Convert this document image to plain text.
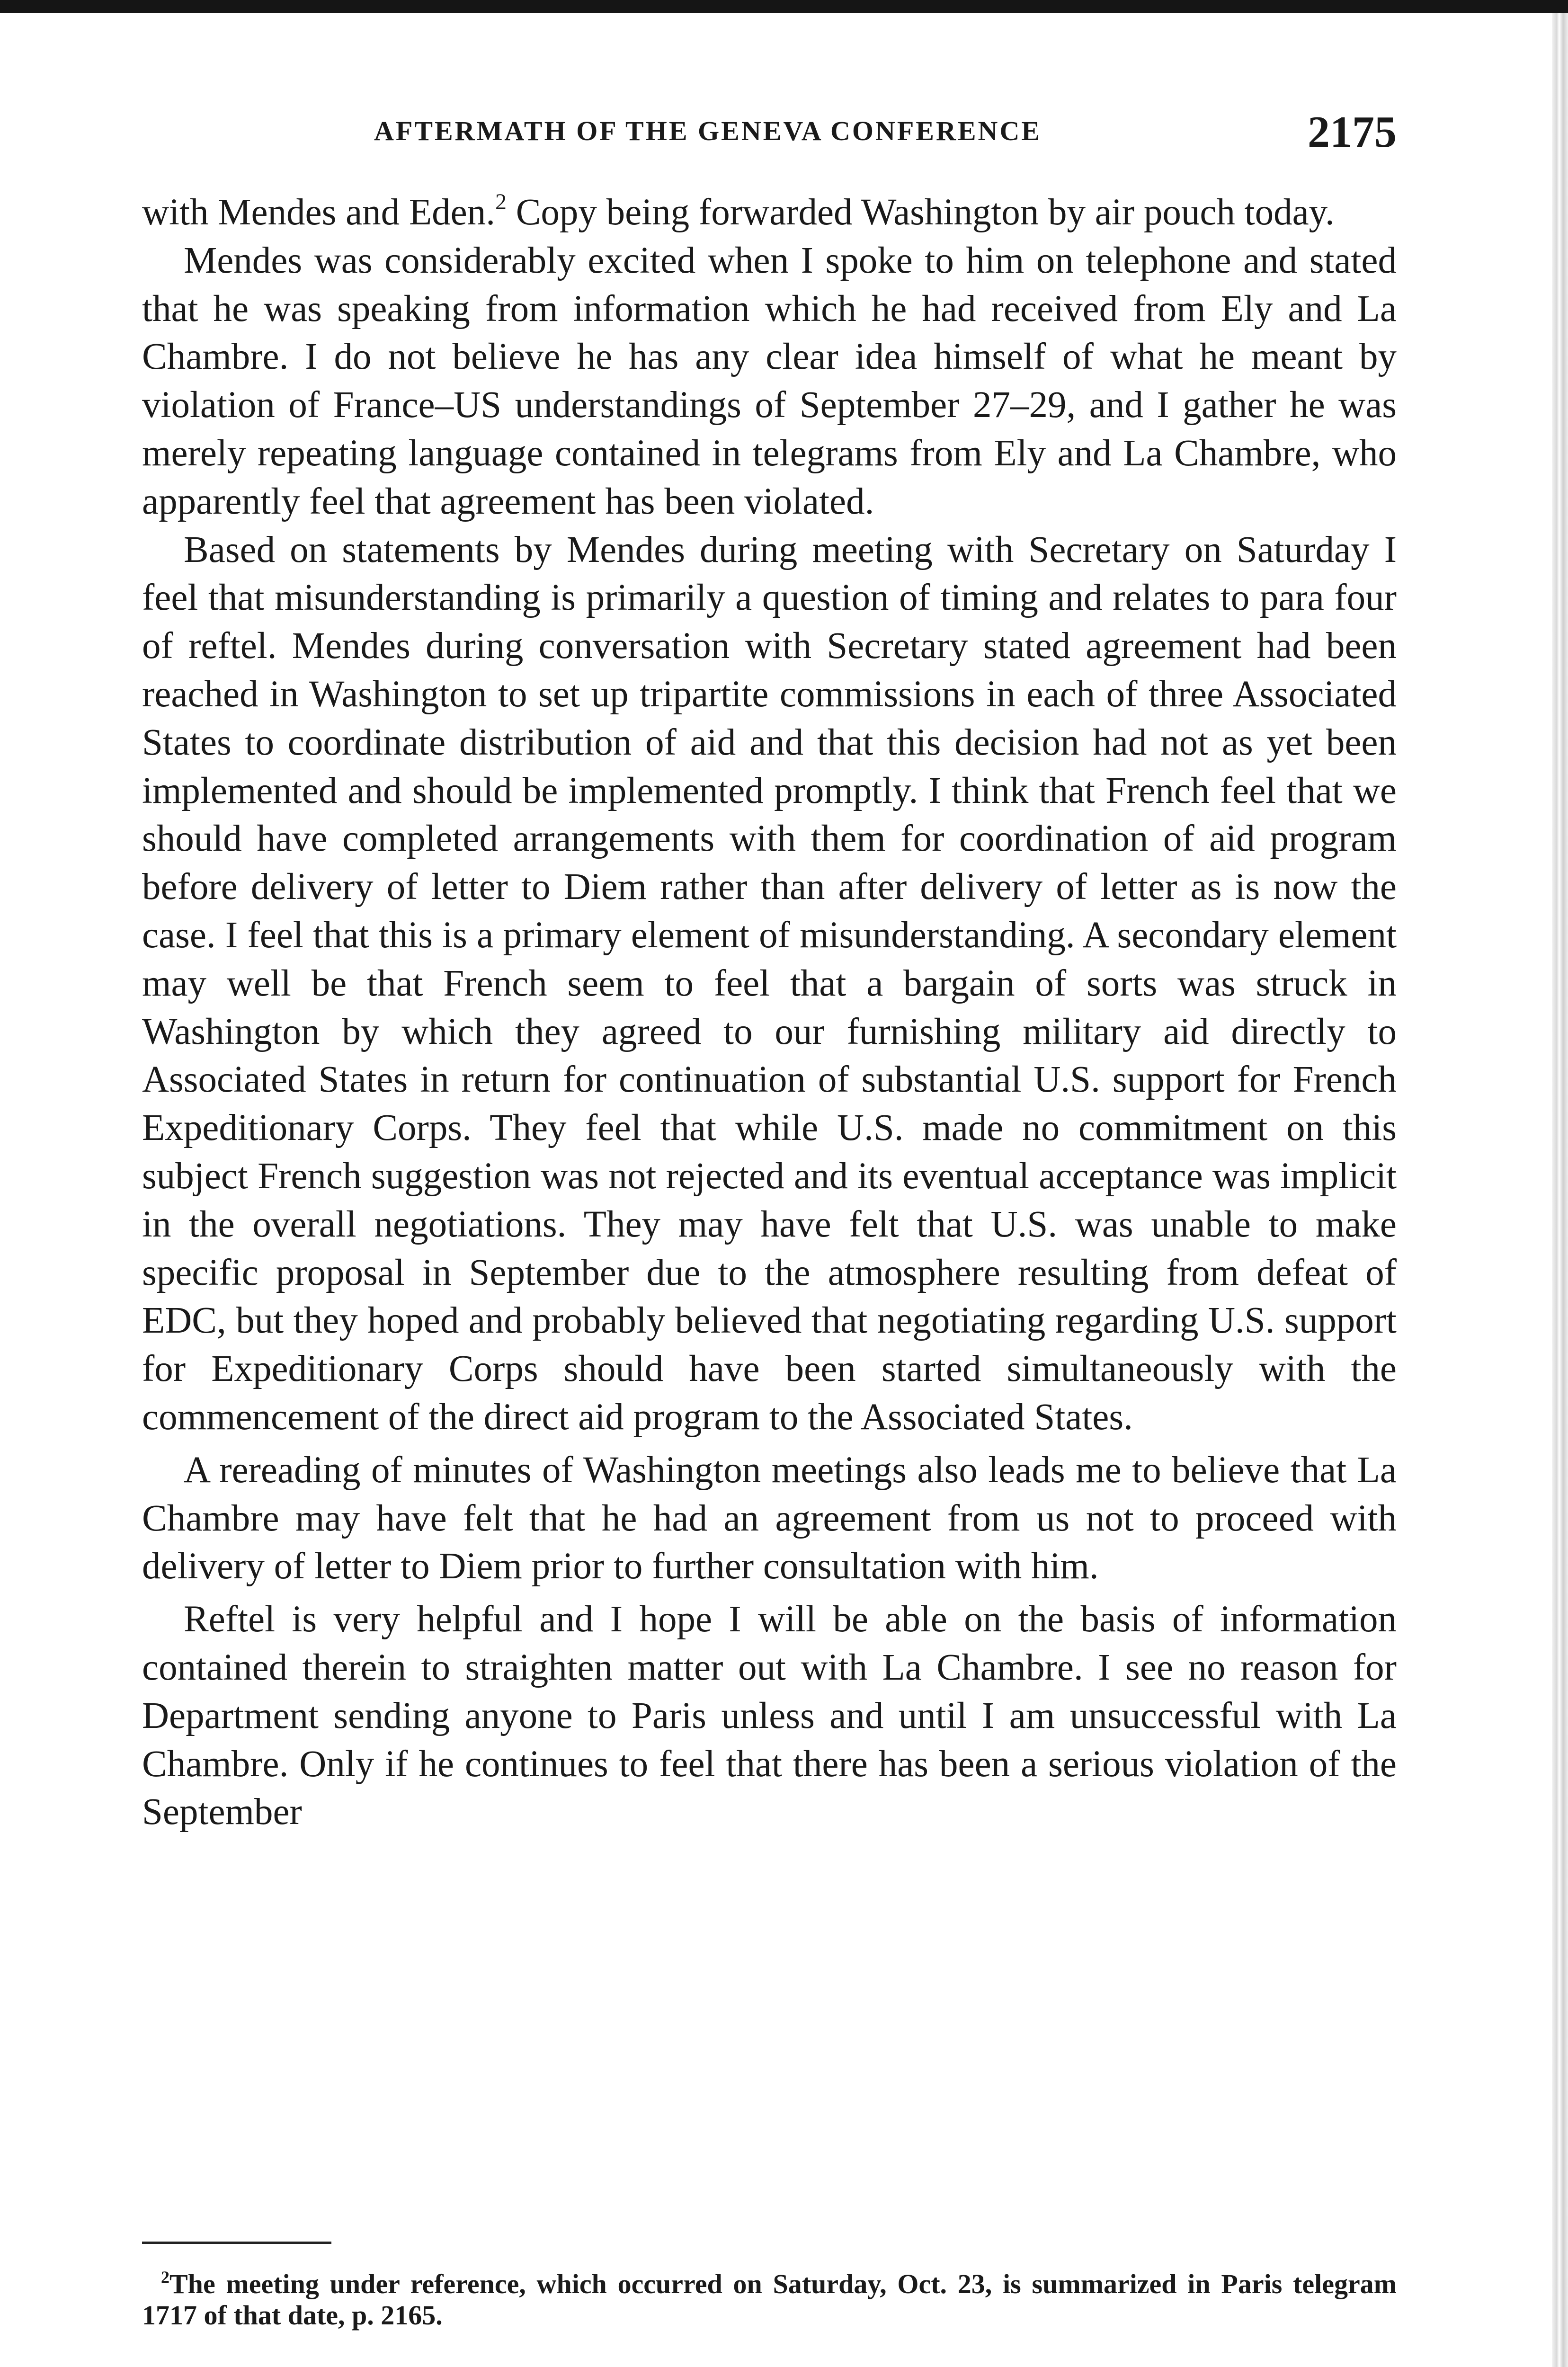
AFTERMATH OF THE GENEVA CONFERENCE	2175

with Mendes and Eden.$^2$ Copy being forwarded Washington by air pouch today.

Mendes was considerably excited when I spoke to him on telephone and stated that he was speaking from information which he had received from Ely and La Chambre. I do not believe he has any clear idea himself of what he meant by violation of France–US understandings of September 27–29, and I gather he was merely repeating language contained in telegrams from Ely and La Chambre, who apparently feel that agreement has been violated.

Based on statements by Mendes during meeting with Secretary on Saturday I feel that misunderstanding is primarily a question of timing and relates to para four of reftel. Mendes during conversation with Secretary stated agreement had been reached in Washington to set up tripartite commissions in each of three Associated States to coordinate distribution of aid and that this decision had not as yet been implemented and should be implemented promptly. I think that French feel that we should have completed arrangements with them for coordination of aid program before delivery of letter to Diem rather than after delivery of letter as is now the case. I feel that this is a primary element of misunderstanding. A secondary element may well be that French seem to feel that a bargain of sorts was struck in Washington by which they agreed to our furnishing military aid directly to Associated States in return for continuation of substantial U.S. support for French Expeditionary Corps. They feel that while U.S. made no commitment on this subject French suggestion was not rejected and its eventual acceptance was implicit in the overall negotiations. They may have felt that U.S. was unable to make specific proposal in September due to the atmosphere resulting from defeat of EDC, but they hoped and probably believed that negotiating regarding U.S. support for Expeditionary Corps should have been started simultaneously with the commencement of the direct aid program to the Associated States.

A rereading of minutes of Washington meetings also leads me to believe that La Chambre may have felt that he had an agreement from us not to proceed with delivery of letter to Diem prior to further consultation with him.

Reftel is very helpful and I hope I will be able on the basis of information contained therein to straighten matter out with La Chambre. I see no reason for Department sending anyone to Paris unless and until I am unsuccessful with La Chambre. Only if he continues to feel that there has been a serious violation of the September

$^2$The meeting under reference, which occurred on Saturday, Oct. 23, is summarized in Paris telegram 1717 of that date, p. 2165.
